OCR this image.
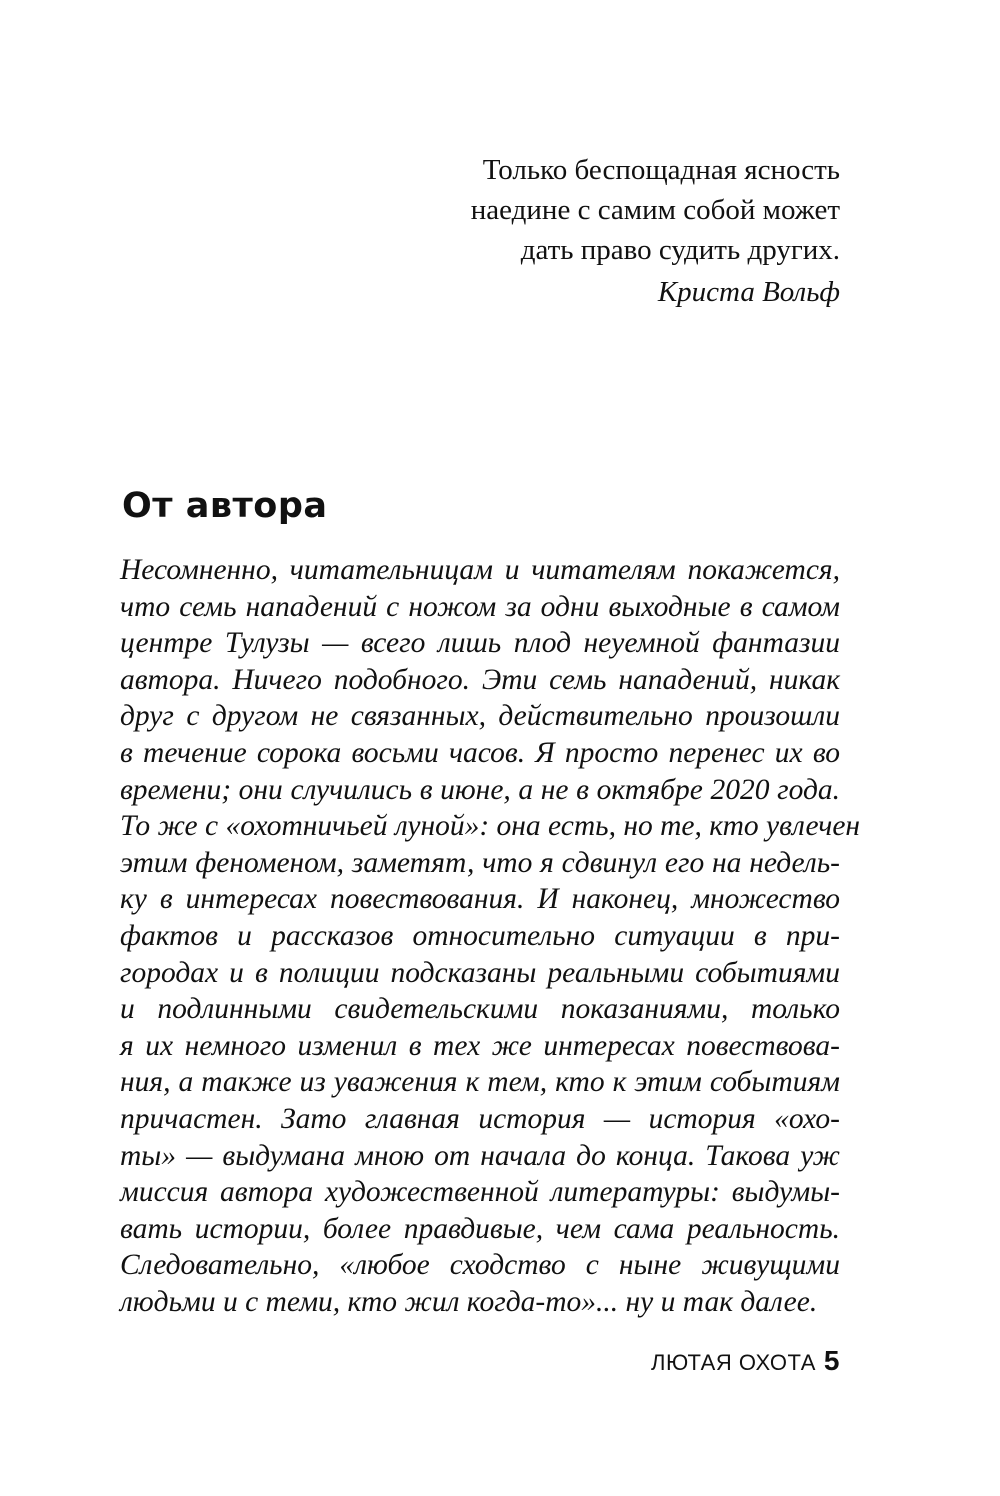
Только беспощадная ясность
наедине с самим собой может
дать право судить других.
Криста Вольф
От автора
Несомненно, читательницам и читателям покажется,
что семь нападений с ножом за одни выходные в самом
центре Тулузы — всего лишь плод неуемной фантазии
автора. Ничего подобного. Эти семь нападений, никак
друг с другом не связанных, действительно произошли
в течение сорока восьми часов. Я просто перенес их во
времени; они случились в июне, а не в октябре 2020 года.
То же с «охотничьей луной»: она есть, но те, кто увлечен
этим феноменом, заметят, что я сдвинул его на недель-
ку в интересах повествования. И наконец, множество
фактов и рассказов относительно ситуации в при-
городах и в полиции подсказаны реальными событиями
и подлинными свидетельскими показаниями, только
я их немного изменил в тех же интересах повествова-
ния, а также из уважения к тем, кто к этим событиям
причастен. Зато главная история — история «охо-
ты» — выдумана мною от начала до конца. Такова уж
миссия автора художественной литературы: выдумы-
вать истории, более правдивые, чем сама реальность.
Следовательно, «любое сходство с ныне живущими
людьми и с теми, кто жил когда-то»... ну и так далее.
ЛЮТАЯ ОХОТА 5
